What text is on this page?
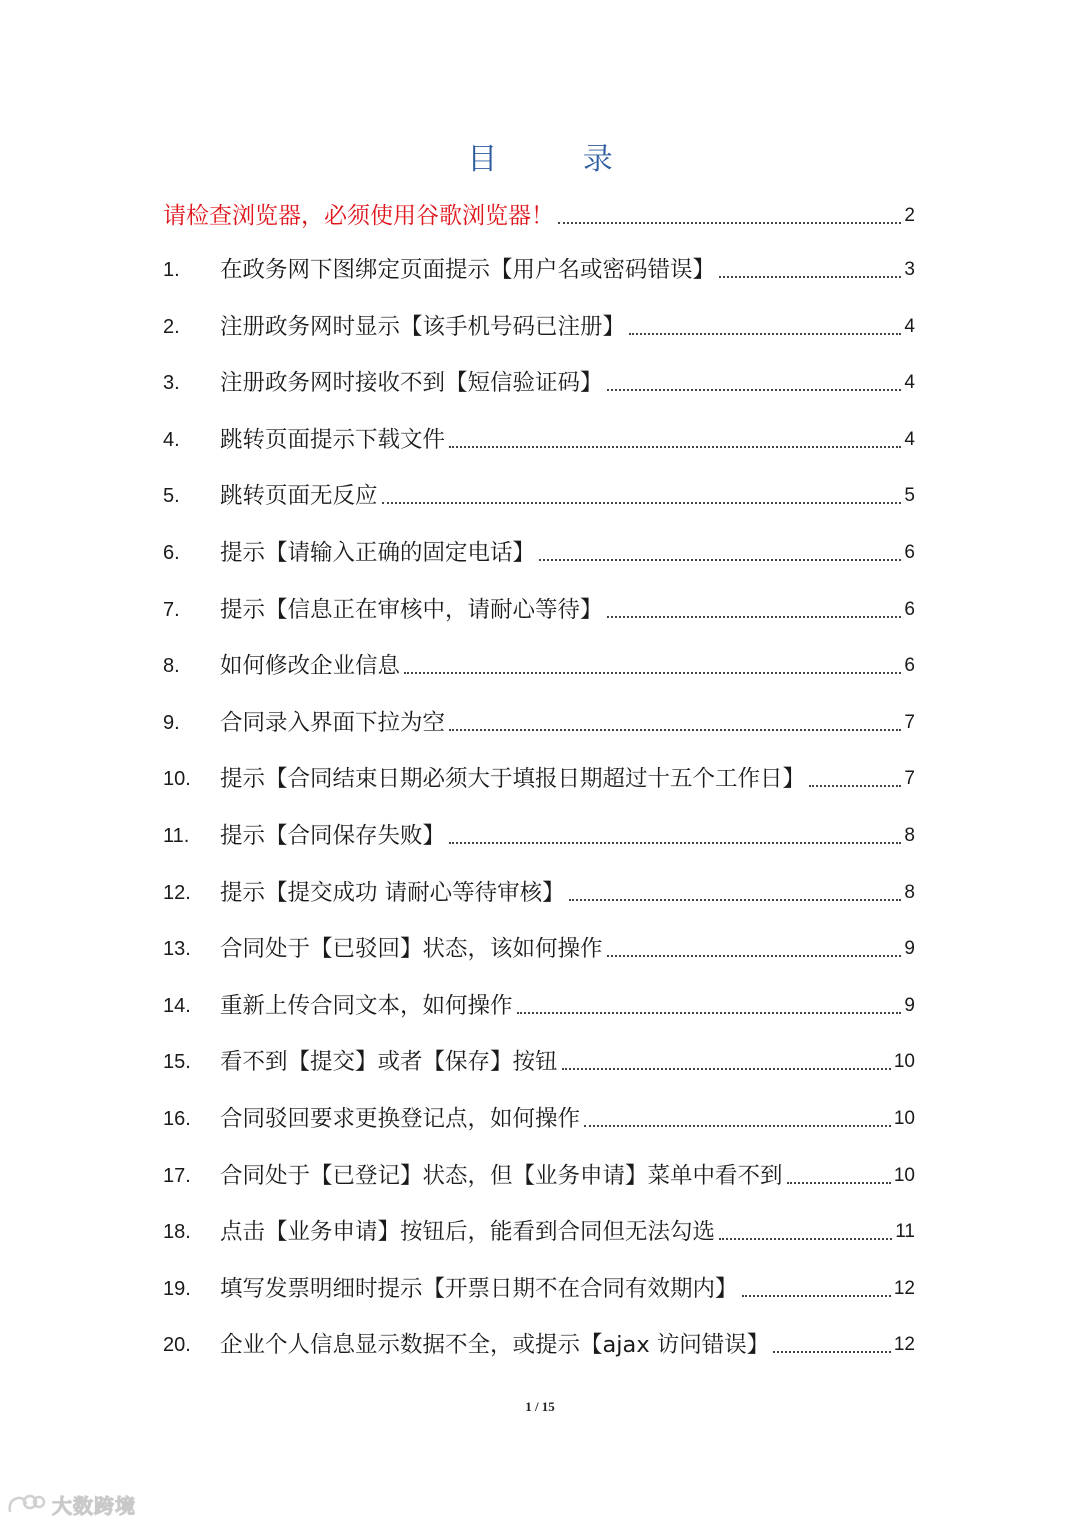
目 录
请检查浏览器，必须使用谷歌浏览器！	2
1.	在政务网下图绑定页面提示【用户名或密码错误】	3
2.	注册政务网时显示【该手机号码已注册】	4
3.	注册政务网时接收不到【短信验证码】	4
4.	跳转页面提示下载文件	4
5.	跳转页面无反应	5
6.	提示【请输入正确的固定电话】	6
7.	提示【信息正在审核中，请耐心等待】	6
8.	如何修改企业信息	6
9.	合同录入界面下拉为空	7
10.	提示【合同结束日期必须大于填报日期超过十五个工作日】	7
11.	提示【合同保存失败】	8
12.	提示【提交成功 请耐心等待审核】	8
13.	合同处于【已驳回】状态，该如何操作	9
14.	重新上传合同文本，如何操作	9
15.	看不到【提交】或者【保存】按钮	10
16.	合同驳回要求更换登记点，如何操作	10
17.	合同处于【已登记】状态，但【业务申请】菜单中看不到	10
18.	点击【业务申请】按钮后，能看到合同但无法勾选	11
19.	填写发票明细时提示【开票日期不在合同有效期内】	12
20.	企业个人信息显示数据不全，或提示【ajax 访问错误】	12
1 / 15
大数跨境
